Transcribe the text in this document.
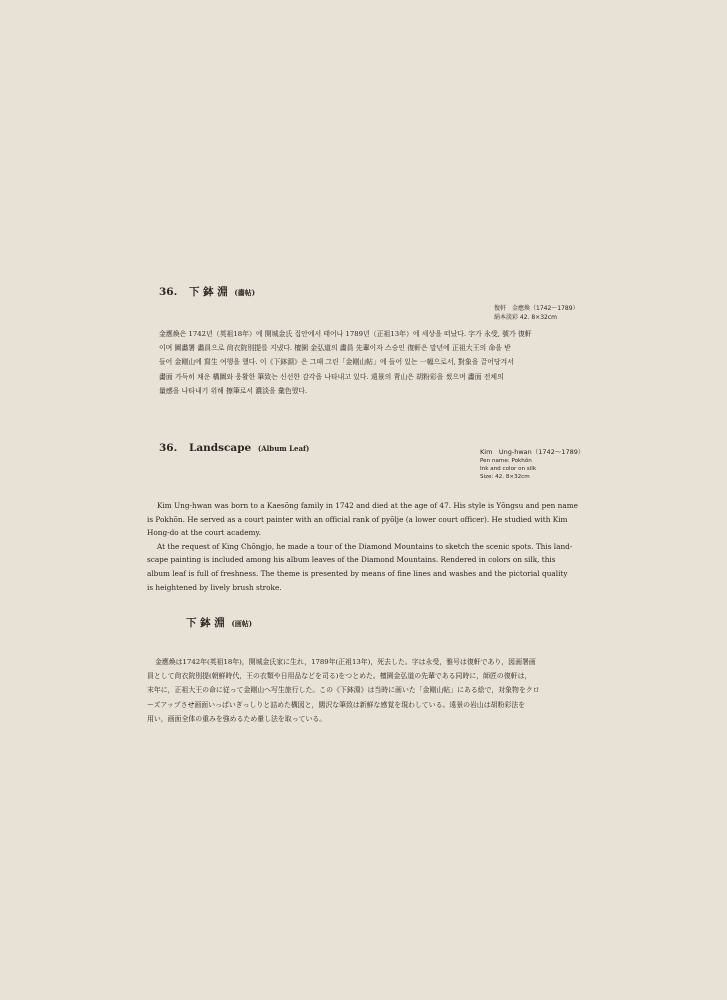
36. 下 鉢 淵 (畵帖)
復軒　金應煥（1742～1789）
絹本淡彩 42. 8×32cm
金應煥은 1742년（英祖18年）에 開城金氏 집안에서 태어나 1789년（正祖13年）에 세상을 떠났다. 字가 永受, 號가 復軒
이며 圖畵署 畵員으로 尙衣院別提를 지냈다. 檀園 金弘道의 畵員 先輩이자 스승인 復軒은 말년에 正祖大王의 命을 받
들어 金剛山에 寫生 여행을 했다. 이《下鉢淵》은 그때 그린「金剛山帖」에 들어 있는 一幅으로서, 對象을 끌어당겨서
畵面 가득히 채운 構圖와 웅활한 筆致는 신선한 감각을 나타내고 있다. 遠景의 靑山은 胡粉彩을 썼으며 畵面 전체의
量感을 나타내기 위해 擦筆로서 濃淡을 彙色했다.
36. Landscape (Album Leaf)	Kim　Ung-hwan（1742～1789）
Pen name: Pokhŏn
Ink and color on silk
Size: 42. 8×32cm
Kim Ung-hwan was born to a Kaesŏng family in 1742 and died at the age of 47. His style is Yŏngsu and pen name
is Pokhŏn. He served as a court painter with an official rank of pyŏlje (a lower court officer). He studied with Kim
Hong-do at the court academy.
At the request of King Chŏngjo, he made a tour of the Diamond Mountains to sketch the scenic spots. This land-
scape painting is included among his album leaves of the Diamond Mountains. Rendered in colors on silk, this
album leaf is full of freshness. The theme is presented by means of fine lines and washes and the pictorial quality
is heightened by lively brush stroke.
下 鉢 淵 (画帖)
金應煥は1742年(英祖18年)，開城金氏家に生れ，1789年(正祖13年)，死去した。字は永受，雅号は復軒であり，図画署画
員として尙衣院別提(朝鮮時代，王の衣類や日用品などを司る)をつとめた。檀園金弘道の先輩である同時に，師匠の復軒は，
末年に，正祖大王の命に従って金剛山へ写生旅行した。この《下鉢淵》は当時に画いた「金剛山帖」にある絵で，対象物をクロ
ーズアップさせ画面いっぱいぎっしりと詰めた構図と，闊沢な筆致は新鮮な感覚を現わしている。遠景の岩山は胡粉彩法を
用い，画面全体の重みを強めるため暈し法を取っている。
